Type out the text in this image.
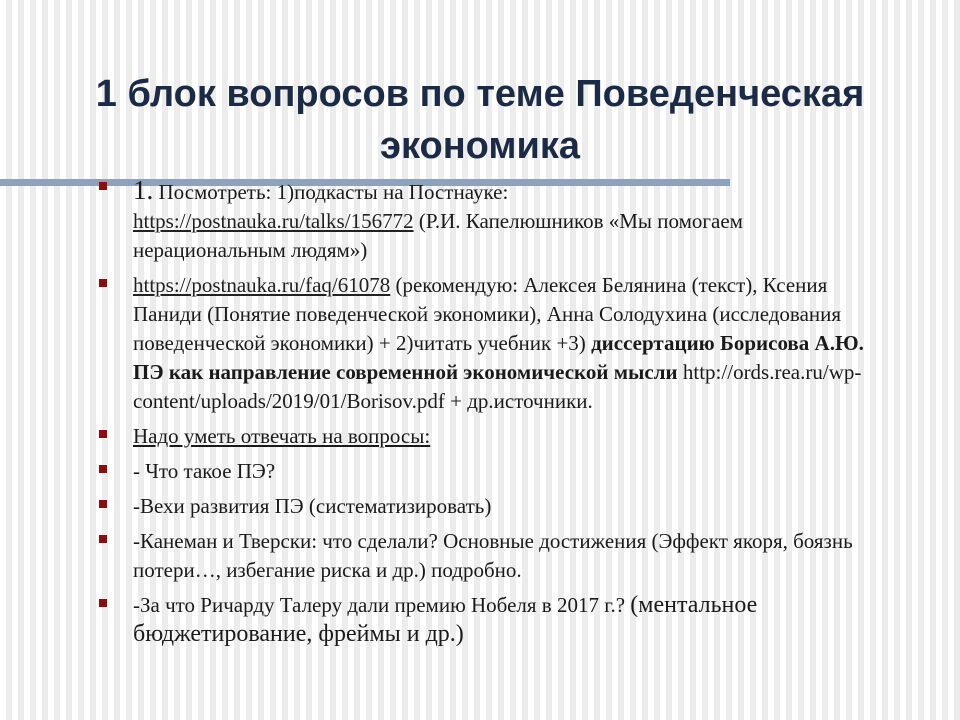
1 блок вопросов по теме Поведенческая
экономика
1. Посмотреть: 1)подкасты на Постнауке:
https://postnauka.ru/talks/156772 (Р.И. Капелюшников «Мы помогаем нерациональным людям»)
https://postnauka.ru/faq/61078 (рекомендую: Алексея Белянина (текст), Ксения Паниди (Понятие поведенческой экономики), Анна Солодухина (исследования поведенческой экономики) + 2)читать учебник +3) диссертацию Борисова А.Ю. ПЭ как направление современной экономической мысли http://ords.rea.ru/wp-content/uploads/2019/01/Borisov.pdf + др.источники.
Надо уметь отвечать на вопросы:
- Что такое ПЭ?
-Вехи развития ПЭ (систематизировать)
-Канеман и Тверски: что сделали? Основные достижения (Эффект якоря, боязнь потери…, избегание риска и др.) подробно.
-За что Ричарду Талеру дали премию Нобеля в 2017 г.? (ментальное бюджетирование, фреймы и др.)
